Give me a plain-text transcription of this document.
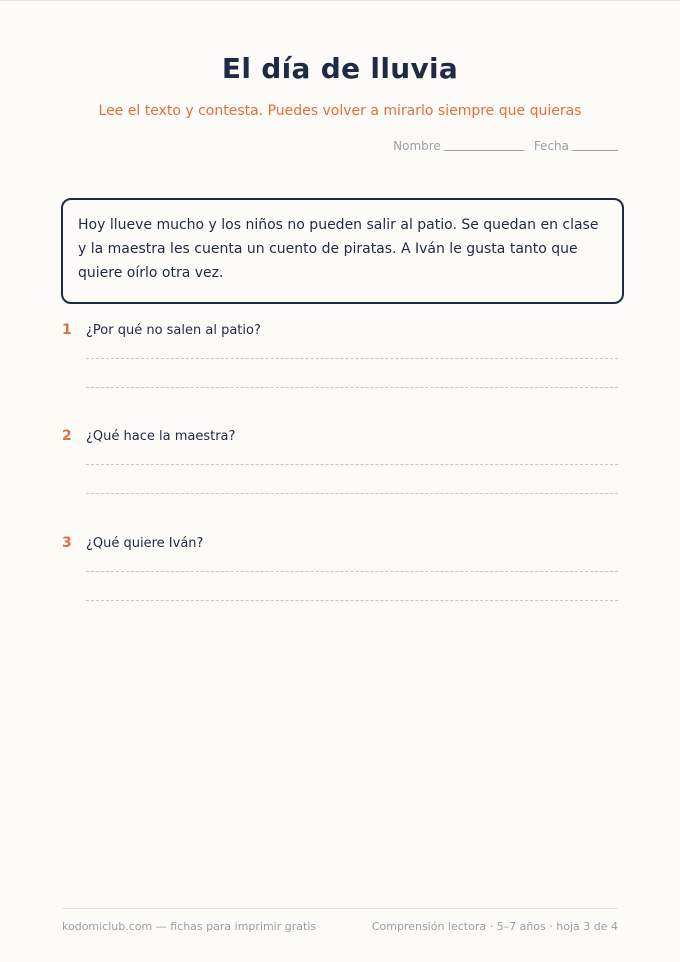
El día de lluvia
Lee el texto y contesta. Puedes volver a mirarlo siempre que quieras
Nombre	Fecha
Hoy llueve mucho y los niños no pueden salir al patio. Se quedan en clase y la maestra les cuenta un cuento de piratas. A Iván le gusta tanto que quiere oírlo otra vez.
1	¿Por qué no salen al patio?
2	¿Qué hace la maestra?
3	¿Qué quiere Iván?
kodomiclub.com — fichas para imprimir gratis	Comprensión lectora · 5–7 años · hoja 3 de 4
